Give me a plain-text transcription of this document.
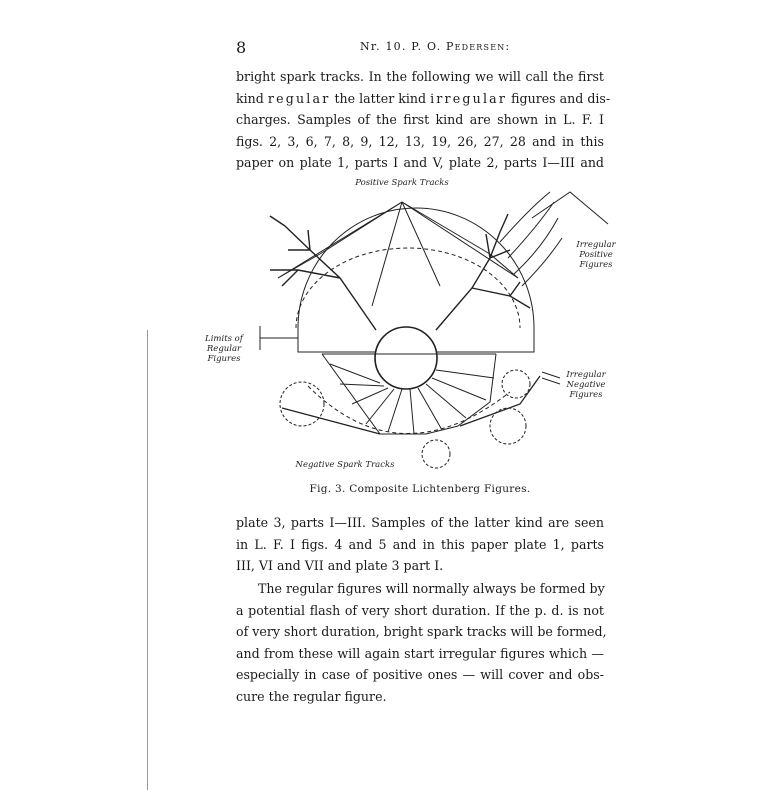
8	Nr. 10. P. O. Pedersen:
bright spark tracks. In the following we will call the first
kind regular the latter kind irregular figures and dis-
charges. Samples of the first kind are shown in L. F. I
figs. 2, 3, 6, 7, 8, 9, 12, 13, 19, 26, 27, 28 and in this
paper on plate 1, parts I and V, plate 2, parts I—III and
Positive Spark Tracks
Irregular
Positive
Figures
Limits of
Regular
Figures
Irregular
Negative
Figures
Negative Spark Tracks
Fig. 3. Composite Lichtenberg Figures.
plate 3, parts I—III. Samples of the latter kind are seen
in L. F. I figs. 4 and 5 and in this paper plate 1, parts
III, VI and VII and plate 3 part I.
The regular figures will normally always be formed by
a potential flash of very short duration. If the p. d. is not
of very short duration, bright spark tracks will be formed,
and from these will again start irregular figures which —
especially in case of positive ones — will cover and obs-
cure the regular figure.
